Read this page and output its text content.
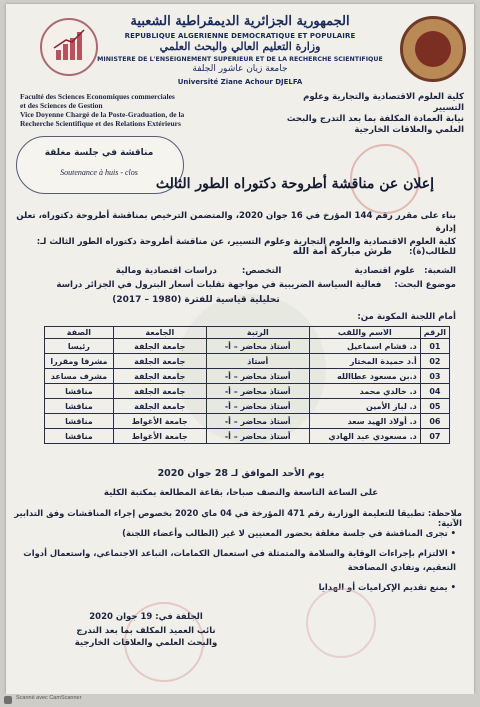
الجمهورية الجزائرية الديمقراطية الشعبية
REPUBLIQUE ALGERIENNE DEMOCRATIQUE ET POPULAIRE
وزارة التعليم العالي والبحث العلمي
MINISTERE DE L'ENSEIGNEMENT SUPERIEUR ET DE LA RECHERCHE SCIENTIFIQUE
جامعة زيان عاشور الجلفة
Université Ziane Achour DJELFA
Faculté des Sciences Economiques commerciales
et des Sciences de Gestion
Vice Doyenne Chargé de la Poste-Graduation, de la
Recherche Scientifique et des Relations Extérieurs
كلية العلوم الاقتصادية والتجارية وعلوم التسيير
نيابة العمادة المكلفة بما بعد التدرج والبحث
العلمي والعلاقات الخارجية
مناقشة في جلسة مغلقة
Soutenance à huis - clos
إعلان عن مناقشة أطروحة دكتوراه الطور الثالث
بناء على مقرر رقم 144 المؤرخ في 16 جوان 2020، والمتضمن الترخيص بمناقشة أطروحة دكتوراه، تعلن إدارة
كلية العلوم الاقتصادية والعلوم التجارية وعلوم التسيير، عن مناقشة أطروحة دكتوراه الطور الثالث لـ:
للطالب(ة): طرش مباركة أمة الله
الشعبة: علوم اقتصادية التخصص: دراسات اقتصادية ومالية
موضوع البحث: فعالية السياسة الضريبية في مواجهة تقلبات أسعار البترول في الجزائر دراسة
تحليلية قياسية للفترة (1980 – 2017)
أمام اللجنة المكونة من:
الرقم	الاسم واللقب	الرتبة	الجامعة	الصفة
01	د. قشام اسماعيل	أستاذ محاضر – أ-	جامعة الجلفة	رئيسا
02	أ.د حميدة المختار	أستاذ	جامعة الجلفة	مشرفا ومقررا
03	د.بن مسعود عطاالله	أستاذ محاضر – أ-	جامعة الجلفة	مشرف مساعد
04	د. خالدي محمد	أستاذ محاضر – أ-	جامعة الجلفة	مناقشا
05	د. لباز الأمين	أستاذ محاضر – أ-	جامعة الجلفة	مناقشا
06	د. أولاد الهيد سعد	أستاذ محاضر – أ-	جامعة الأغواط	مناقشا
07	د. مسعودي عبد الهادي	أستاذ محاضر – أ-	جامعة الأغواط	مناقشا
يوم الأحد الموافق لـ 28 جوان 2020
على الساعة التاسعة والنصف صباحا، بقاعة المطالعة بمكتبة الكلية
ملاحظة: تطبيقا للتعليمة الوزارية رقم 471 المؤرخة في 04 ماي 2020 بخصوص إجراء المناقشات وفق التدابير الآتية:
• تجرى المناقشة في جلسة مغلقة بحضور المعنيين لا غير (الطالب وأعضاء اللجنة)
• الالتزام بإجراءات الوقاية والسلامة والمتمثلة في استعمال الكمامات، التباعد الاجتماعي، واستعمال أدوات التعقيم، وتفادي المصافحة
• يمنع تقديم الإكراميات أو الهدايا
الجلفة في: 19 جوان 2020
نائب العميد المكلف بما بعد التدرج
والبحث العلمي والعلاقات الخارجية
Scanné avec CamScanner
